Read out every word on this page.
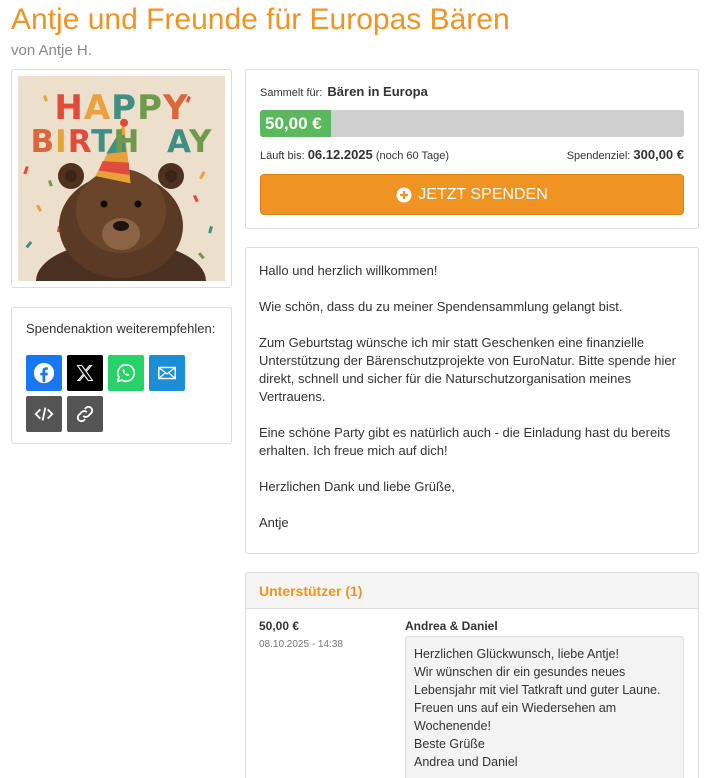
Antje und Freunde für Europas Bären
von Antje H.
HAPPY
BIRTHDAY
Spendenaktion weiterempfehlen:
Sammelt für: Bären in Europa
50,00 €
Läuft bis: 06.12.2025 (noch 60 Tage)	Spendenziel: 300,00 €
JETZT SPENDEN

Hallo und herzlich willkommen!

Wie schön, dass du zu meiner Spendensammlung gelangt bist.

Zum Geburtstag wünsche ich mir statt Geschenken eine finanzielle Unterstützung der Bärenschutzprojekte von EuroNatur. Bitte spende hier direkt, schnell und sicher für die Naturschutzorganisation meines Vertrauens.

Eine schöne Party gibt es natürlich auch - die Einladung hast du bereits erhalten. Ich freue mich auf dich!

Herzlichen Dank und liebe Grüße,

Antje

Unterstützer (1)
50,00 €
08.10.2025 - 14:38
Andrea & Daniel
Herzlichen Glückwunsch, liebe Antje!
Wir wünschen dir ein gesundes neues
Lebensjahr mit viel Tatkraft und guter Laune.
Freuen uns auf ein Wiedersehen am
Wochenende!
Beste Grüße
Andrea und Daniel
